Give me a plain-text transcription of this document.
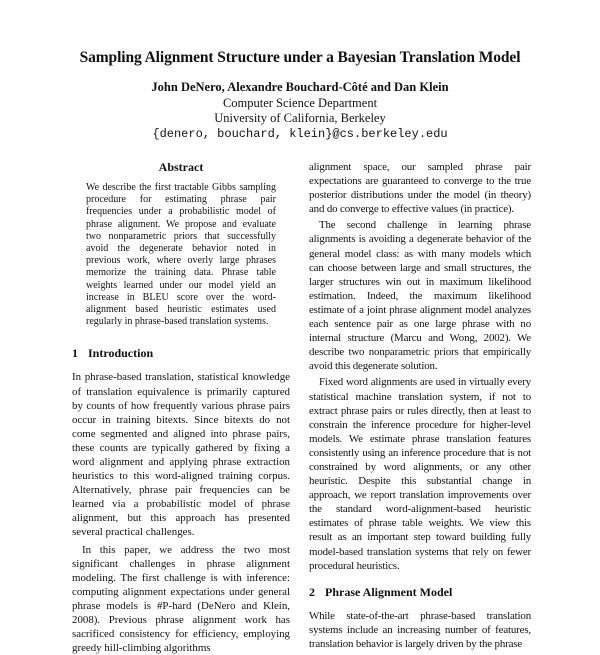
Sampling Alignment Structure under a Bayesian Translation Model
John DeNero, Alexandre Bouchard-Côté and Dan Klein
Computer Science Department
University of California, Berkeley
{denero, bouchard, klein}@cs.berkeley.edu
Abstract
We describe the first tractable Gibbs sampling procedure for estimating phrase pair frequencies under a probabilistic model of phrase alignment. We propose and evaluate two nonparametric priors that successfully avoid the degenerate behavior noted in previous work, where overly large phrases memorize the training data. Phrase table weights learned under our model yield an increase in BLEU score over the word-alignment based heuristic estimates used regularly in phrase-based translation systems.
1 Introduction

In phrase-based translation, statistical knowledge of translation equivalence is primarily captured by counts of how frequently various phrase pairs occur in training bitexts. Since bitexts do not come segmented and aligned into phrase pairs, these counts are typically gathered by fixing a word alignment and applying phrase extraction heuristics to this word-aligned training corpus. Alternatively, phrase pair frequencies can be learned via a probabilistic model of phrase alignment, but this approach has presented several practical challenges.

In this paper, we address the two most significant challenges in phrase alignment modeling. The first challenge is with inference: computing alignment expectations under general phrase models is #P-hard (DeNero and Klein, 2008). Previous phrase alignment work has sacrificed consistency for efficiency, employing greedy hill-climbing algorithms

alignment space, our sampled phrase pair expectations are guaranteed to converge to the true posterior distributions under the model (in theory) and do converge to effective values (in practice).

The second challenge in learning phrase alignments is avoiding a degenerate behavior of the general model class: as with many models which can choose between large and small structures, the larger structures win out in maximum likelihood estimation. Indeed, the maximum likelihood estimate of a joint phrase alignment model analyzes each sentence pair as one large phrase with no internal structure (Marcu and Wong, 2002). We describe two nonparametric priors that empirically avoid this degenerate solution.

Fixed word alignments are used in virtually every statistical machine translation system, if not to extract phrase pairs or rules directly, then at least to constrain the inference procedure for higher-level models. We estimate phrase translation features consistently using an inference procedure that is not constrained by word alignments, or any other heuristic. Despite this substantial change in approach, we report translation improvements over the standard word-alignment-based heuristic estimates of phrase table weights. We view this result as an important step toward building fully model-based translation systems that rely on fewer procedural heuristics.

2 Phrase Alignment Model

While state-of-the-art phrase-based translation systems include an increasing number of features, translation behavior is largely driven by the phrase
